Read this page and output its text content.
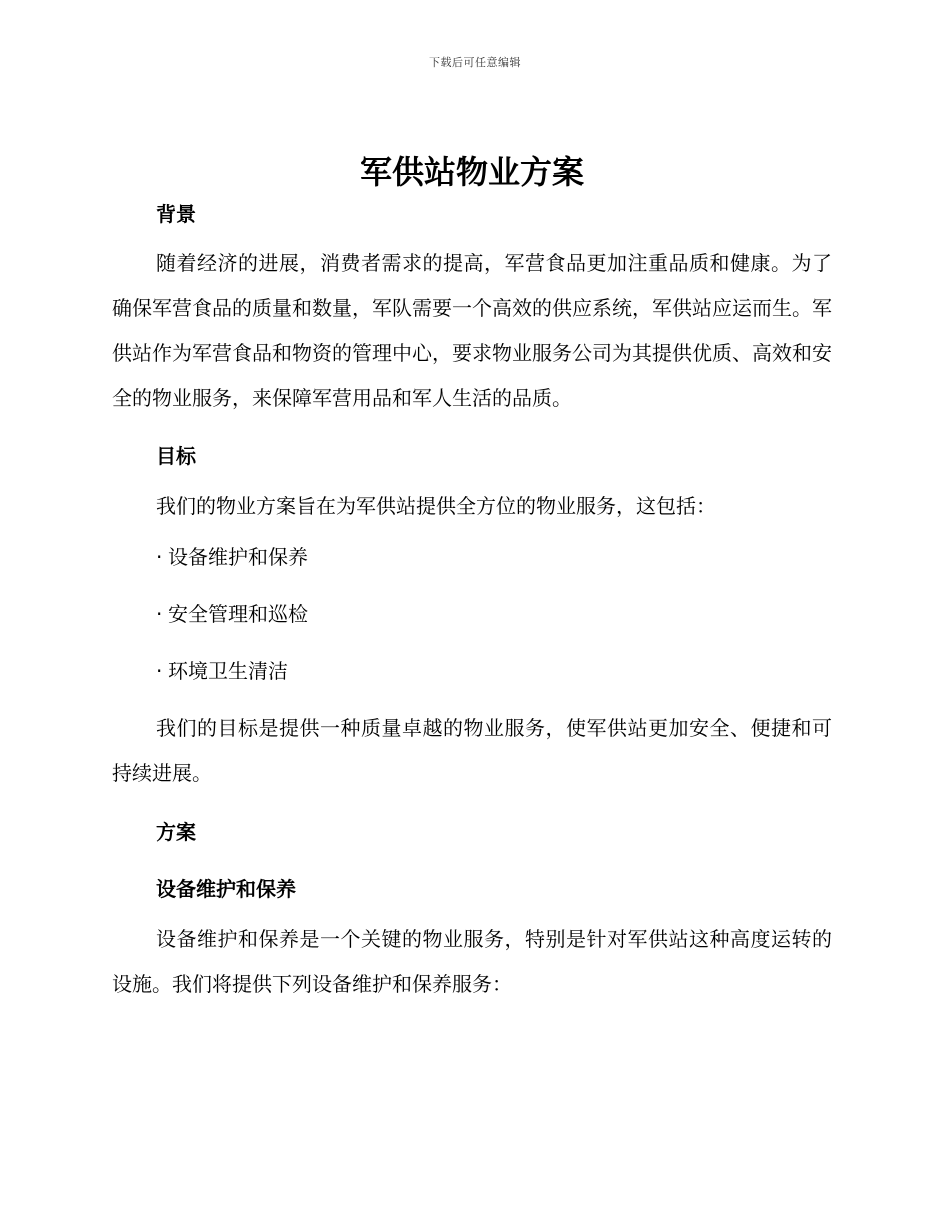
下载后可任意编辑
军供站物业方案
背景

随着经济的进展，消费者需求的提高，军营食品更加注重品质和健康。为了确保军营食品的质量和数量，军队需要一个高效的供应系统，军供站应运而生。军供站作为军营食品和物资的管理中心，要求物业服务公司为其提供优质、高效和安全的物业服务，来保障军营用品和军人生活的品质。

目标

我们的物业方案旨在为军供站提供全方位的物业服务，这包括：

· 设备维护和保养

· 安全管理和巡检

· 环境卫生清洁

我们的目标是提供一种质量卓越的物业服务，使军供站更加安全、便捷和可持续进展。

方案
设备维护和保养

设备维护和保养是一个关键的物业服务，特别是针对军供站这种高度运转的设施。我们将提供下列设备维护和保养服务：
